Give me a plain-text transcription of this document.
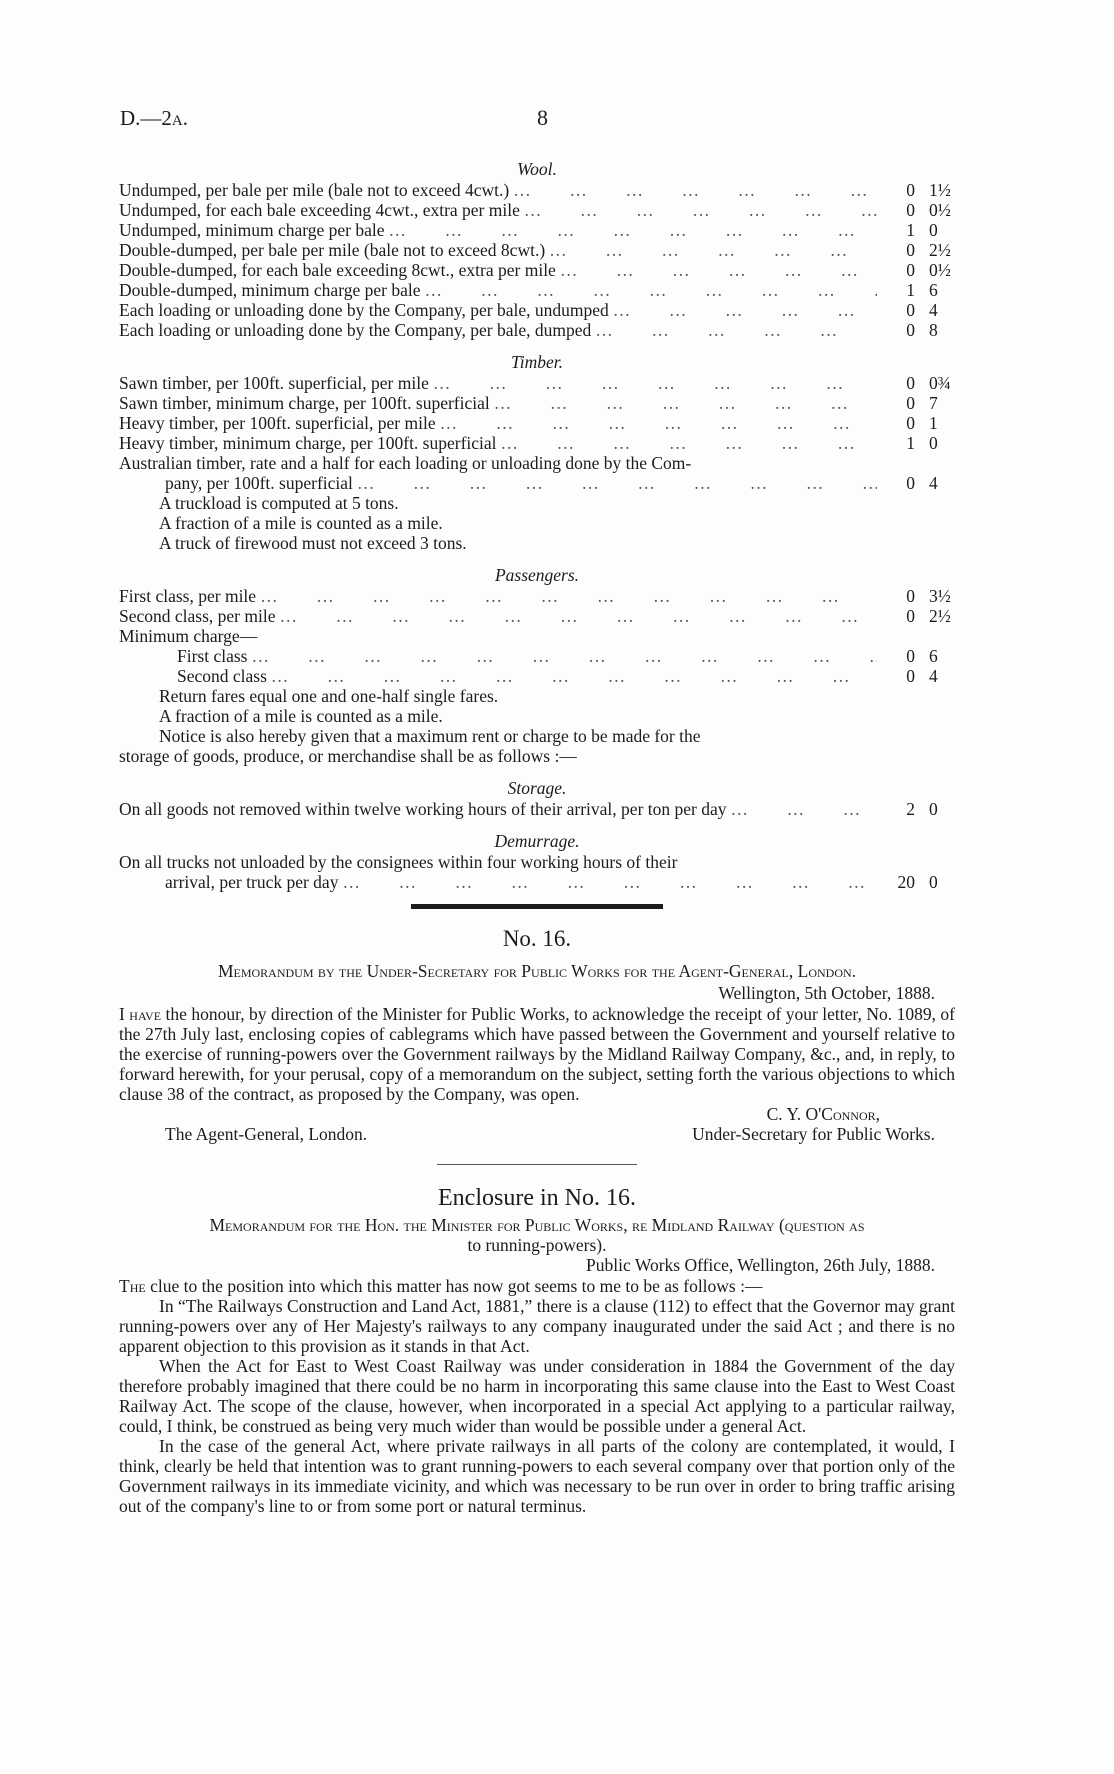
D.—2A.	8
Wool.
Undumped, per bale per mile (bale not to exceed 4cwt.) … … … … … … … … … … … … … …	0 1½
Undumped, for each bale exceeding 4cwt., extra per mile … … … … … … … … … … … … … …	0 0½
Undumped, minimum charge per bale … … … … … … … … … … … … … …	1 0
Double-dumped, per bale per mile (bale not to exceed 8cwt.) … … … … … … … … … … … … … …	0 2½
Double-dumped, for each bale exceeding 8cwt., extra per mile … … … … … … … … … … … … … …	0 0½
Double-dumped, minimum charge per bale … … … … … … … … … … … … … …	1 6
Each loading or unloading done by the Company, per bale, undumped … … … … … … … … … … … … … …	0 4
Each loading or unloading done by the Company, per bale, dumped … … … … … … … … … … … … … …	0 8
Timber.
Sawn timber, per 100ft. superficial, per mile … … … … … … … … … … … … … …	0 0¾
Sawn timber, minimum charge, per 100ft. superficial … … … … … … … … … … … … … …	0 7
Heavy timber, per 100ft. superficial, per mile … … … … … … … … … … … … … …	0 1
Heavy timber, minimum charge, per 100ft. superficial … … … … … … … … … … … … … …	1 0
Australian timber, rate and a half for each loading or unloading done by the Com-
pany, per 100ft. superficial … … … … … … … … … … … … … …	0 4
A truckload is computed at 5 tons.
A fraction of a mile is counted as a mile.
A truck of firewood must not exceed 3 tons.
Passengers.
First class, per mile … … … … … … … … … … … … … …	0 3½
Second class, per mile … … … … … … … … … … … … … …	0 2½
Minimum charge—
First class … … … … … … … … … … … … … …	0 6
Second class … … … … … … … … … … … … … …	0 4
Return fares equal one and one-half single fares.
A fraction of a mile is counted as a mile.
Notice is also hereby given that a maximum rent or charge to be made for the
storage of goods, produce, or merchandise shall be as follows :—
Storage.
On all goods not removed within twelve working hours of their arrival, per ton per day … … … … … … … … … … … … … …	2 0
Demurrage.
On all trucks not unloaded by the consignees within four working hours of their
arrival, per truck per day … … … … … … … … … … … … … …	20 0
No. 16.
Memorandum by the Under-Secretary for Public Works for the Agent-General, London.
Wellington, 5th October, 1888.

I have the honour, by direction of the Minister for Public Works, to acknowledge the receipt of your letter, No. 1089, of the 27th July last, enclosing copies of cablegrams which have passed between the Government and yourself relative to the exercise of running-powers over the Government railways by the Midland Railway Company, &c., and, in reply, to forward herewith, for your perusal, copy of a memorandum on the subject, setting forth the various objections to which clause 38 of the contract, as proposed by the Company, was open.

C. Y. O'Connor,
The Agent-General, London.	Under-Secretary for Public Works.
Enclosure in No. 16.
Memorandum for the Hon. the Minister for Public Works, re Midland Railway (question as
to running-powers).
Public Works Office, Wellington, 26th July, 1888.

The clue to the position into which this matter has now got seems to me to be as follows :—

In “The Railways Construction and Land Act, 1881,” there is a clause (112) to effect that the Governor may grant running-powers over any of Her Majesty's railways to any company inaugurated under the said Act ; and there is no apparent objection to this provision as it stands in that Act.

When the Act for East to West Coast Railway was under consideration in 1884 the Government of the day therefore probably imagined that there could be no harm in incorporating this same clause into the East to West Coast Railway Act. The scope of the clause, however, when incorporated in a special Act applying to a particular railway, could, I think, be construed as being very much wider than would be possible under a general Act.

In the case of the general Act, where private railways in all parts of the colony are contemplated, it would, I think, clearly be held that intention was to grant running-powers to each several company over that portion only of the Government railways in its immediate vicinity, and which was necessary to be run over in order to bring traffic arising out of the company's line to or from some port or natural terminus.
